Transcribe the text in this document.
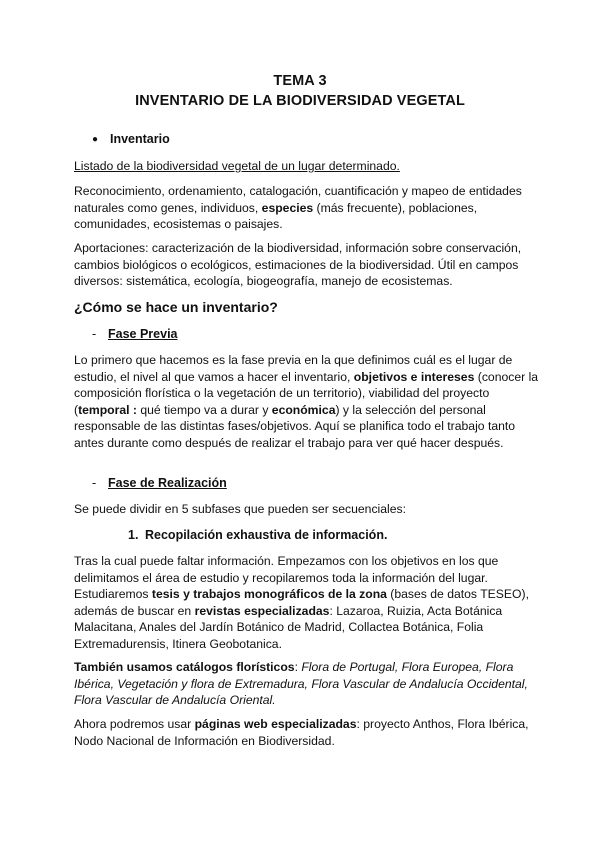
TEMA 3
INVENTARIO DE LA BIODIVERSIDAD VEGETAL
● Inventario
Listado de la biodiversidad vegetal de un lugar determinado.
Reconocimiento, ordenamiento, catalogación, cuantificación y mapeo de entidades naturales como genes, individuos, especies (más frecuente), poblaciones, comunidades, ecosistemas o paisajes.
Aportaciones: caracterización de la biodiversidad, información sobre conservación, cambios biológicos o ecológicos, estimaciones de la biodiversidad. Útil en campos diversos: sistemática, ecología, biogeografía, manejo de ecosistemas.
¿Cómo se hace un inventario?
- Fase Previa
Lo primero que hacemos es la fase previa en la que definimos cuál es el lugar de estudio, el nivel al que vamos a hacer el inventario, objetivos e intereses (conocer la composición florística o la vegetación de un territorio), viabilidad del proyecto (temporal : qué tiempo va a durar y económica) y la selección del personal responsable de las distintas fases/objetivos. Aquí se planifica todo el trabajo tanto antes durante como después de realizar el trabajo para ver qué hacer después.
- Fase de Realización
Se puede dividir en 5 subfases que pueden ser secuenciales:
1. Recopilación exhaustiva de información.
Tras la cual puede faltar información. Empezamos con los objetivos en los que delimitamos el área de estudio y recopilaremos toda la información del lugar. Estudiaremos tesis y trabajos monográficos de la zona (bases de datos TESEO), además de buscar en revistas especializadas: Lazaroa, Ruizia, Acta Botánica Malacitana, Anales del Jardín Botánico de Madrid, Collactea Botánica, Folia Extremadurensis, Itinera Geobotanica.
También usamos catálogos florísticos: Flora de Portugal, Flora Europea, Flora Ibérica, Vegetación y flora de Extremadura, Flora Vascular de Andalucía Occidental, Flora Vascular de Andalucía Oriental.
Ahora podremos usar páginas web especializadas: proyecto Anthos, Flora Ibérica, Nodo Nacional de Información en Biodiversidad.
